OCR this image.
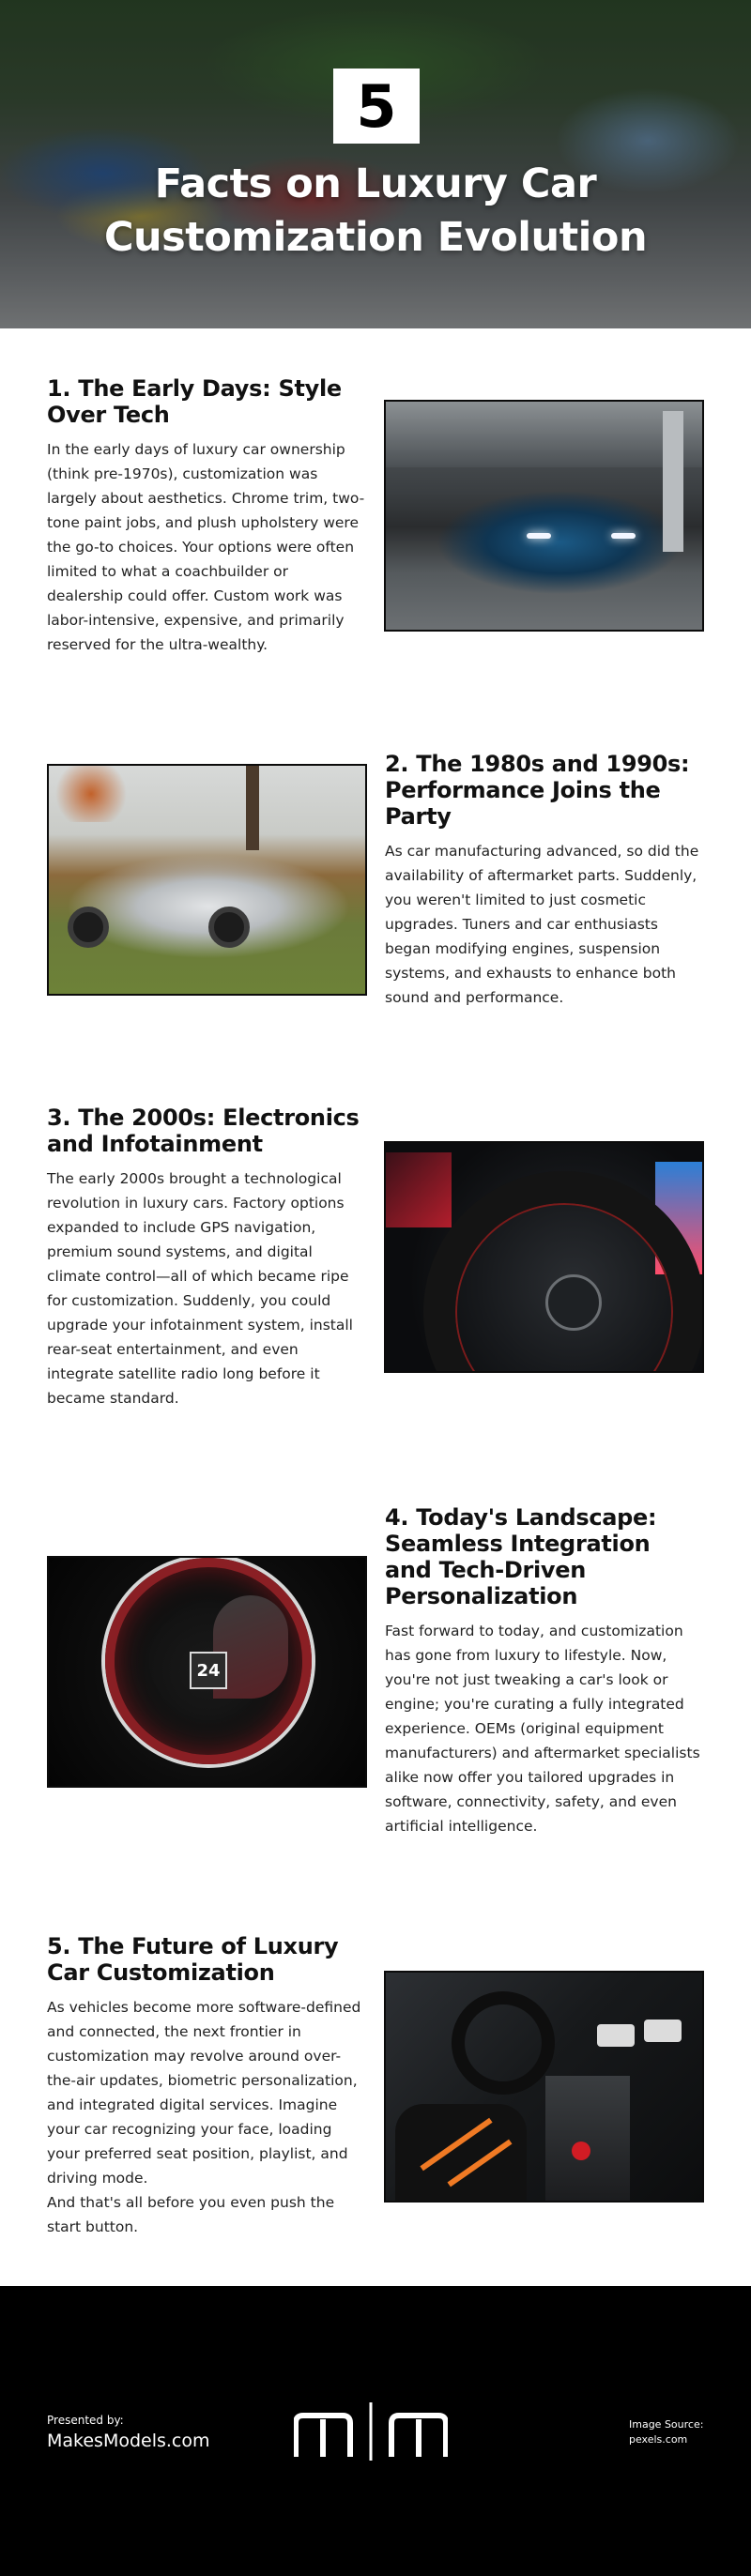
5
Facts on Luxury Car
Customization Evolution
1. The Early Days: Style Over Tech
In the early days of luxury car ownership (think pre-1970s), customization was largely about aesthetics. Chrome trim, two-tone paint jobs, and plush upholstery were the go-to choices. Your options were often limited to what a coachbuilder or dealership could offer. Custom work was labor-intensive, expensive, and primarily reserved for the ultra-wealthy.
2. The 1980s and 1990s: Performance Joins the Party
As car manufacturing advanced, so did the availability of aftermarket parts. Suddenly, you weren't limited to just cosmetic upgrades. Tuners and car enthusiasts began modifying engines, suspension systems, and exhausts to enhance both sound and performance.
3. The 2000s: Electronics and Infotainment
The early 2000s brought a technological revolution in luxury cars. Factory options expanded to include GPS navigation, premium sound systems, and digital climate control—all of which became ripe for customization. Suddenly, you could upgrade your infotainment system, install rear-seat entertainment, and even integrate satellite radio long before it became standard.
24
4. Today's Landscape: Seamless Integration and Tech-Driven Personalization
Fast forward to today, and customization has gone from luxury to lifestyle. Now, you're not just tweaking a car's look or engine; you're curating a fully integrated experience. OEMs (original equipment manufacturers) and aftermarket specialists alike now offer you tailored upgrades in software, connectivity, safety, and even artificial intelligence.
5. The Future of Luxury Car Customization
As vehicles become more software-defined and connected, the next frontier in customization may revolve around over-the-air updates, biometric personalization, and integrated digital services. Imagine your car recognizing your face, loading your preferred seat position, playlist, and driving mode.
And that's all before you even push the start button.
Presented by:
MakesModels.com
Image Source:
pexels.com
